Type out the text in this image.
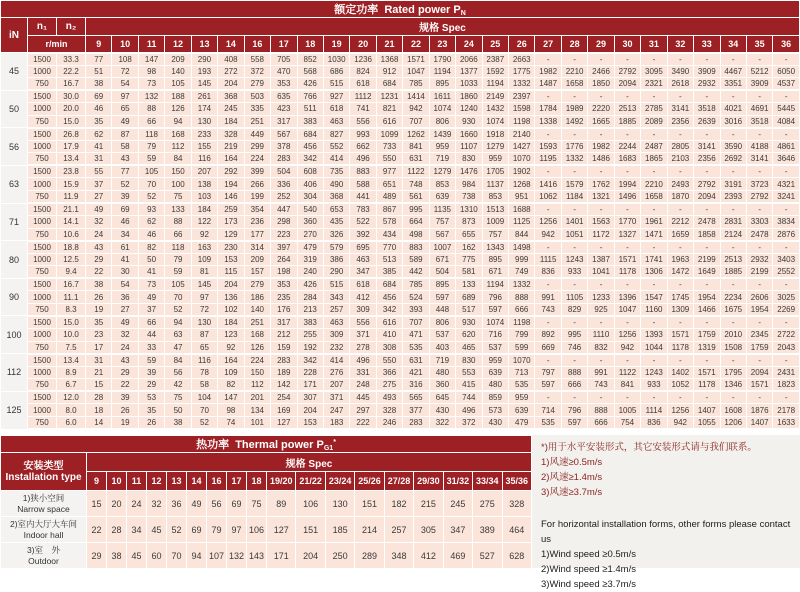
额定功率 Rated power $P_N$
iN	n₁	n₂	规格 Spec																										
	r/min		9	10	11	12	13	14	16	17	18	19	20	21	22	23	24	25	26	27	28	29	30	31	32	33	34	35	36
45	1500	33.3	77	108	147	209	290	408	558	705	852	1030	1236	1368	1571	1790	2066	2387	2663	-	-	-	-	-	-	-	-	-	-
	1000	22.2	51	72	98	140	193	272	372	470	568	686	824	912	1047	1194	1377	1592	1775	1982	2210	2466	2792	3095	3490	3909	4467	5212	6050
	750	16.7	38	54	73	105	145	204	279	353	426	515	618	684	785	895	1033	1194	1332	1487	1658	1850	2094	2321	2618	2932	3351	3909	4537
50	1500	30.0	69	97	132	188	261	368	503	635	766	927	1112	1231	1414	1611	1860	2149	2397	-	-	-	-	-	-	-	-	-	-
	1000	20.0	46	65	88	126	174	245	335	423	511	618	741	821	942	1074	1240	1432	1598	1784	1989	2220	2513	2785	3141	3518	4021	4691	5445
	750	15.0	35	49	66	94	130	184	251	317	383	463	556	616	707	806	930	1074	1198	1338	1492	1665	1885	2089	2356	2639	3016	3518	4084
56	1500	26.8	62	87	118	168	233	328	449	567	684	827	993	1099	1262	1439	1660	1918	2140	-	-	-	-	-	-	-	-	-	-
	1000	17.9	41	58	79	112	155	219	299	378	456	552	662	733	841	959	1107	1279	1427	1593	1776	1982	2244	2487	2805	3141	3590	4188	4861
	750	13.4	31	43	59	84	116	164	224	283	342	414	496	550	631	719	830	959	1070	1195	1332	1486	1683	1865	2103	2356	2692	3141	3646
63	1500	23.8	55	77	105	150	207	292	399	504	608	735	883	977	1122	1279	1476	1705	1902	-	-	-	-	-	-	-	-	-	-
	1000	15.9	37	52	70	100	138	194	266	336	406	490	588	651	748	853	984	1137	1268	1416	1579	1762	1994	2210	2493	2792	3191	3723	4321
	750	11.9	27	39	52	75	103	146	199	252	304	368	441	489	561	639	738	853	951	1062	1184	1321	1496	1658	1870	2094	2393	2792	3241
71	1500	21.1	49	69	93	133	184	259	354	447	540	653	783	867	995	1135	1310	1513	1688	-	-	-	-	-	-	-	-	-	-
	1000	14.1	32	46	62	88	122	173	236	298	360	435	522	578	664	757	873	1009	1125	1256	1401	1563	1770	1961	2212	2478	2831	3303	3834
	750	10.6	24	34	46	66	92	129	177	223	270	326	392	434	498	567	655	757	844	942	1051	1172	1327	1471	1659	1858	2124	2478	2876
80	1500	18.8	43	61	82	118	163	230	314	397	479	579	695	770	883	1007	162	1343	1498	-	-	-	-	-	-	-	-	-	-
	1000	12.5	29	41	50	79	109	153	209	264	319	386	463	513	589	671	775	895	999	1115	1243	1387	1571	1741	1963	2199	2513	2932	3403
	750	9.4	22	30	41	59	81	115	157	198	240	290	347	385	442	504	581	671	749	836	933	1041	1178	1306	1472	1649	1885	2199	2552
90	1500	16.7	38	54	73	105	145	204	279	353	426	515	618	684	785	895	133	1194	1332	-	-	-	-	-	-	-	-	-	-
	1000	11.1	26	36	49	70	97	136	186	235	284	343	412	456	524	597	689	796	888	991	1105	1233	1396	1547	1745	1954	2234	2606	3025
	750	8.3	19	27	37	52	72	102	140	176	213	257	309	342	393	448	517	597	666	743	829	925	1047	1160	1309	1466	1675	1954	2269
100	1500	15.0	35	49	66	94	130	184	251	317	383	463	556	616	707	806	930	1074	1198	-	-	-	-	-	-	-	-	-	-
	1000	10.0	23	32	44	63	87	123	168	212	255	309	371	410	471	537	620	716	799	892	995	1110	1256	1393	1571	1759	2010	2345	2722
	750	7.5	17	24	33	47	65	92	126	159	192	232	278	308	535	403	465	537	599	669	746	832	942	1044	1178	1319	1508	1759	2043
112	1500	13.4	31	43	59	84	116	164	224	283	342	414	496	550	631	719	830	959	1070	-	-	-	-	-	-	-	-	-	-
	1000	8.9	21	29	39	56	78	109	150	189	228	276	331	366	421	480	553	639	713	797	888	991	1122	1243	1402	1571	1795	2094	2431
	750	6.7	15	22	29	42	58	82	112	142	171	207	248	275	316	360	415	480	535	597	666	743	841	933	1052	1178	1346	1571	1823
125	1500	12.0	28	39	53	75	104	147	201	254	307	371	445	493	565	645	744	859	959	-	-	-	-	-	-	-	-	-	-
	1000	8.0	18	26	35	50	70	98	134	169	204	247	297	328	377	430	496	573	639	714	796	888	1005	1114	1256	1407	1608	1876	2178
	750	6.0	14	19	26	38	52	74	101	127	153	183	222	246	283	322	372	430	479	535	597	666	754	836	942	1055	1206	1407	1633
热功率 Thermal power $P_{G1}^*$
安装类型
Installation type	规格 Spec																	
	9	10	11	12	13	14	16	17	18	19/20	21/22	23/24	25/26	27/28	29/30	31/32	33/34	35/36

1)狭小空间
Narrow space	15	20	24	32	36	49	56	69	75	89	106	130	151	182	215	245	275	328

2)室内大厅大车间
Indoor hall	22	28	34	45	52	69	79	97	106	127	151	185	214	257	305	347	389	464

3)室　外
Outdoor	29	38	45	60	70	94	107	132	143	171	204	250	289	348	412	469	527	628
*)用于水平安装形式，其它安装形式请与我们联系。
1)风速≥0.5m/s
2)风速≥1.4m/s
3)风速≥3.7m/s
For horizontal installation forms, other forms please contact us
1)Wind speed ≥0.5m/s
2)Wind speed ≥1.4m/s
3)Wind speed ≥3.7m/s
